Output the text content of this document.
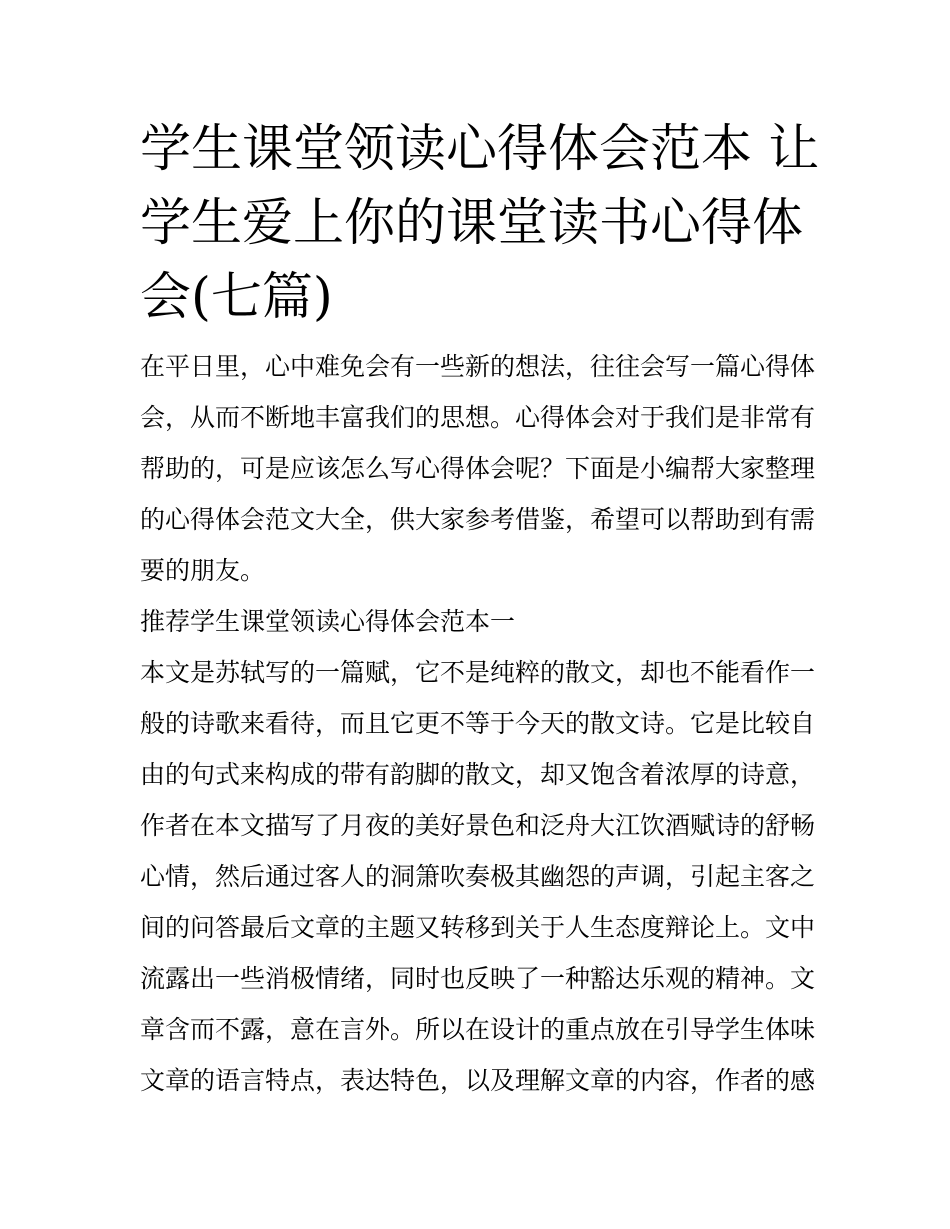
学生课堂领读心得体会范本 让
学生爱上你的课堂读书心得体
会(七篇)

在平日里，心中难免会有一些新的想法，往往会写一篇心得体
会，从而不断地丰富我们的思想。心得体会对于我们是非常有
帮助的，可是应该怎么写心得体会呢？下面是小编帮大家整理
的心得体会范文大全，供大家参考借鉴，希望可以帮助到有需
要的朋友。

推荐学生课堂领读心得体会范本一

本文是苏轼写的一篇赋，它不是纯粹的散文，却也不能看作一
般的诗歌来看待，而且它更不等于今天的散文诗。它是比较自
由的句式来构成的带有韵脚的散文，却又饱含着浓厚的诗意，
作者在本文描写了月夜的美好景色和泛舟大江饮酒赋诗的舒畅
心情，然后通过客人的洞箫吹奏极其幽怨的声调，引起主客之
间的问答最后文章的主题又转移到关于人生态度辩论上。文中
流露出一些消极情绪，同时也反映了一种豁达乐观的精神。文
章含而不露，意在言外。所以在设计的重点放在引导学生体味
文章的语言特点，表达特色，以及理解文章的内容，作者的感
